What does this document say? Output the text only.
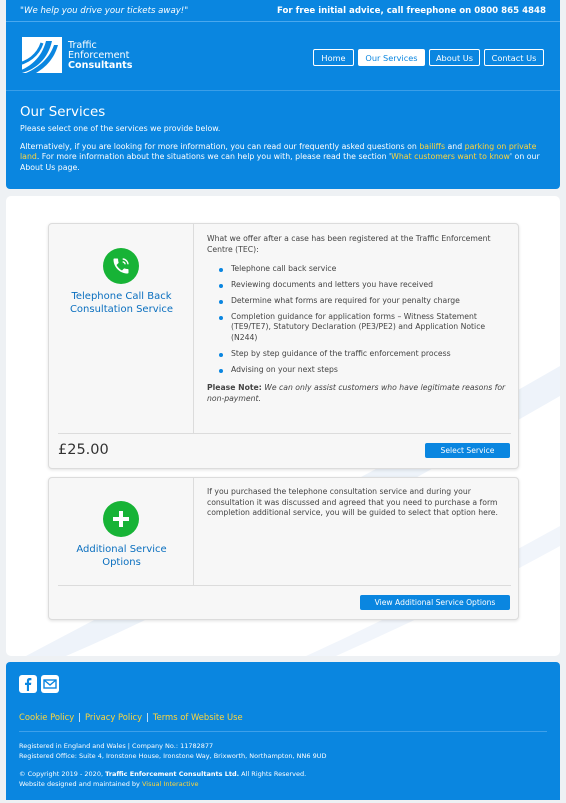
"We help you drive your tickets away!"	For free initial advice, call freephone on 0800 865 4848
Traffic
Enforcement
Consultants
Home	Our Services	About Us	Contact Us
Our Services

Please select one of the services we provide below.

Alternatively, if you are looking for more information, you can read our frequently asked questions on bailiffs and parking on private land. For more information about the situations we can help you with, please read the section 'What customers want to know' on our About Us page.

Telephone Call Back Consultation Service
What we offer after a case has been registered at the Traffic Enforcement Centre (TEC):
Telephone call back service
Reviewing documents and letters you have received
Determine what forms are required for your penalty charge
Completion guidance for application forms – Witness Statement (TE9/TE7), Statutory Declaration (PE3/PE2) and Application Notice (N244)
Step by step guidance of the traffic enforcement process
Advising on your next steps
Please Note: We can only assist customers who have legitimate reasons for non-payment.
£25.00	Select Service
Additional Service Options
If you purchased the telephone consultation service and during your consultation it was discussed and agreed that you need to purchase a form completion additional service, you will be guided to select that option here.
View Additional Service Options
Cookie Policy | Privacy Policy | Terms of Website Use
Registered in England and Wales | Company No.: 11782877
Registered Office: Suite 4, Ironstone House, Ironstone Way, Brixworth, Northampton, NN6 9UD
© Copyright 2019 - 2020, Traffic Enforcement Consultants Ltd. All Rights Reserved.
Website designed and maintained by Visual Interactive
